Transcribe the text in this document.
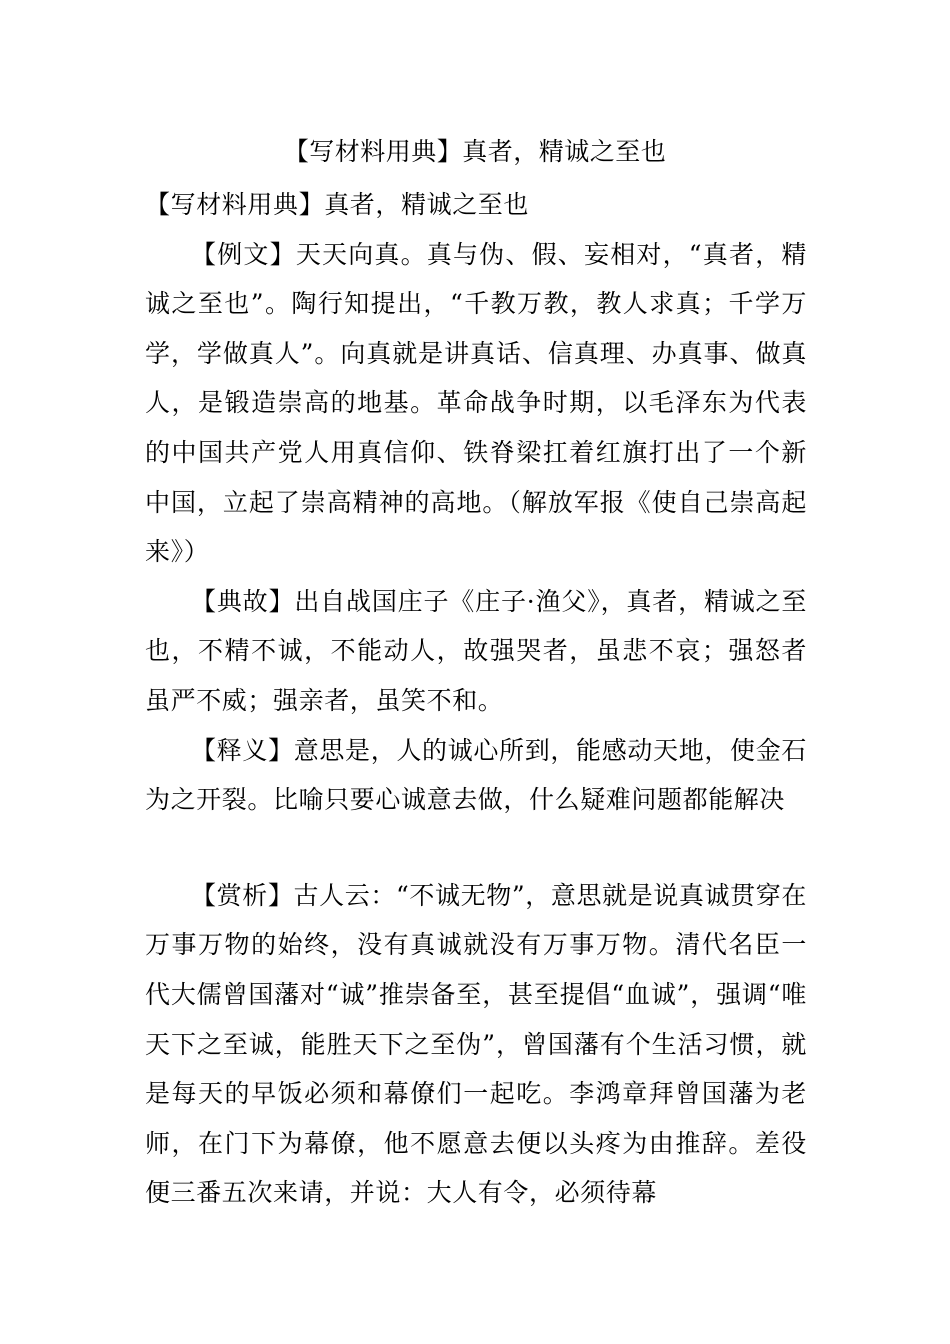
【写材料用典】真者，精诚之至也

【写材料用典】真者，精诚之至也

【例文】天天向真。真与伪、假、妄相对，“真者，精诚之至也”。陶行知提出，“千教万教，教人求真；千学万学，学做真人”。向真就是讲真话、信真理、办真事、做真人，是锻造崇高的地基。革命战争时期，以毛泽东为代表的中国共产党人用真信仰、铁脊梁扛着红旗打出了一个新中国，立起了崇高精神的高地。（解放军报《使自己崇高起来》）

【典故】出自战国庄子《庄子·渔父》，真者，精诚之至也，不精不诚，不能动人，故强哭者，虽悲不哀；强怒者虽严不威；强亲者，虽笑不和。

【释义】意思是，人的诚心所到，能感动天地，使金石为之开裂。比喻只要心诚意去做，什么疑难问题都能解决

【赏析】古人云：“不诚无物”，意思就是说真诚贯穿在万事万物的始终，没有真诚就没有万事万物。清代名臣一代大儒曾国藩对“诚”推崇备至，甚至提倡“血诚”，强调“唯天下之至诚，能胜天下之至伪”，曾国藩有个生活习惯，就是每天的早饭必须和幕僚们一起吃。李鸿章拜曾国藩为老师，在门下为幕僚，他不愿意去便以头疼为由推辞。差役便三番五次来请，并说：大人有令，必须待幕
